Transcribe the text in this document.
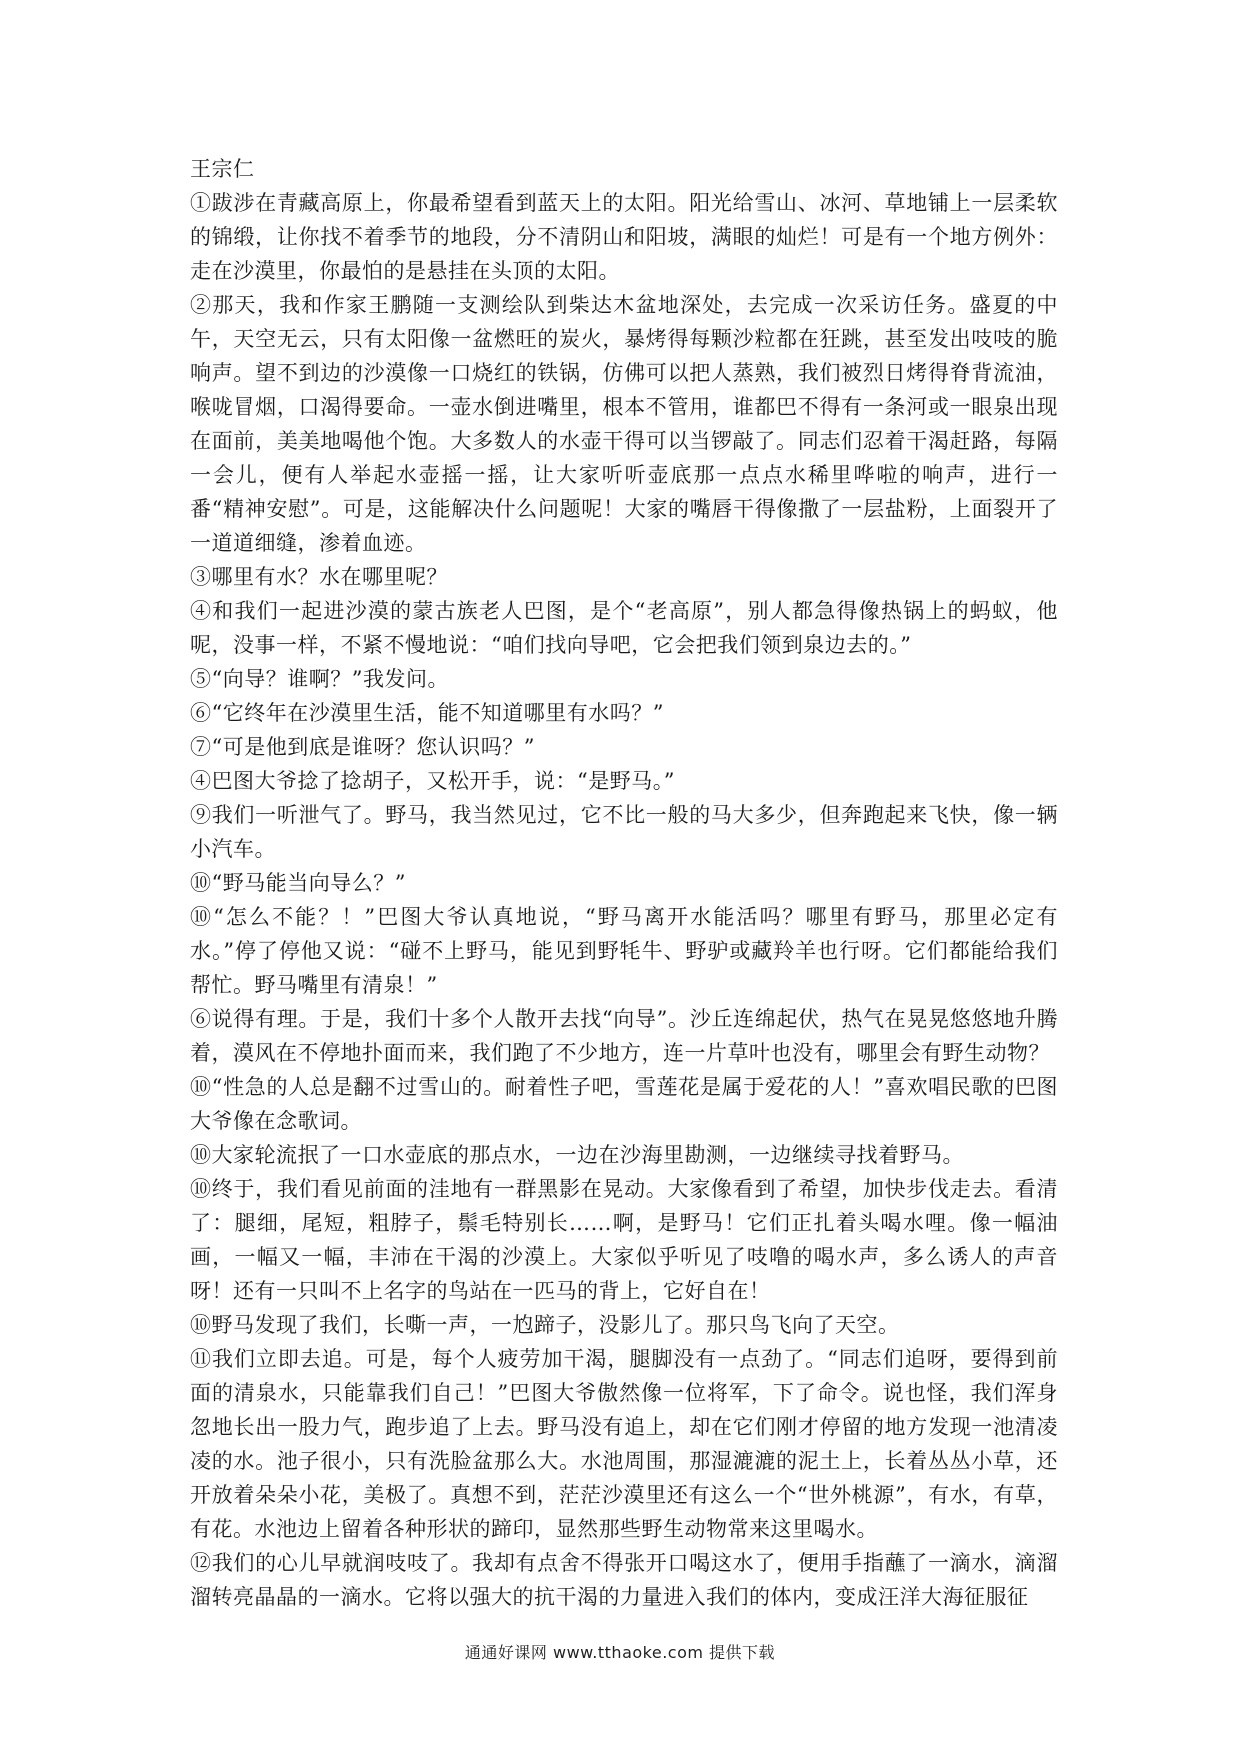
王宗仁

①跋涉在青藏高原上，你最希望看到蓝天上的太阳。阳光给雪山、冰河、草地铺上一层柔软的锦缎，让你找不着季节的地段，分不清阴山和阳坡，满眼的灿烂！可是有一个地方例外：走在沙漠里，你最怕的是悬挂在头顶的太阳。

②那天，我和作家王鹏随一支测绘队到柴达木盆地深处，去完成一次采访任务。盛夏的中午，天空无云，只有太阳像一盆燃旺的炭火，暴烤得每颗沙粒都在狂跳，甚至发出吱吱的脆响声。望不到边的沙漠像一口烧红的铁锅，仿佛可以把人蒸熟，我们被烈日烤得脊背流油，喉咙冒烟，口渴得要命。一壶水倒进嘴里，根本不管用，谁都巴不得有一条河或一眼泉出现在面前，美美地喝他个饱。大多数人的水壶干得可以当锣敲了。同志们忍着干渴赶路，每隔一会儿，便有人举起水壶摇一摇，让大家听听壶底那一点点水稀里哗啦的响声，进行一番“精神安慰”。可是，这能解决什么问题呢！大家的嘴唇干得像撒了一层盐粉，上面裂开了一道道细缝，渗着血迹。

③哪里有水？水在哪里呢？

④和我们一起进沙漠的蒙古族老人巴图，是个“老高原”，别人都急得像热锅上的蚂蚁，他呢，没事一样，不紧不慢地说：“咱们找向导吧，它会把我们领到泉边去的。”

⑤“向导？谁啊？”我发问。

⑥“它终年在沙漠里生活，能不知道哪里有水吗？”

⑦“可是他到底是谁呀？您认识吗？”

④巴图大爷捻了捻胡子，又松开手，说：“是野马。”

⑨我们一听泄气了。野马，我当然见过，它不比一般的马大多少，但奔跑起来飞快，像一辆小汽车。

⑩“野马能当向导么？”

⑩“怎么不能？！”巴图大爷认真地说，“野马离开水能活吗？哪里有野马，那里必定有水。”停了停他又说：“碰不上野马，能见到野牦牛、野驴或藏羚羊也行呀。它们都能给我们帮忙。野马嘴里有清泉！”

⑥说得有理。于是，我们十多个人散开去找“向导”。沙丘连绵起伏，热气在晃晃悠悠地升腾着，漠风在不停地扑面而来，我们跑了不少地方，连一片草叶也没有，哪里会有野生动物？

⑩“性急的人总是翻不过雪山的。耐着性子吧，雪莲花是属于爱花的人！”喜欢唱民歌的巴图大爷像在念歌词。

⑩大家轮流抿了一口水壶底的那点水，一边在沙海里勘测，一边继续寻找着野马。

⑩终于，我们看见前面的洼地有一群黑影在晃动。大家像看到了希望，加快步伐走去。看清了：腿细，尾短，粗脖子，鬃毛特别长……啊，是野马！它们正扎着头喝水哩。像一幅油画，一幅又一幅，丰沛在干渴的沙漠上。大家似乎听见了吱噜的喝水声，多么诱人的声音呀！还有一只叫不上名字的鸟站在一匹马的背上，它好自在！

⑩野马发现了我们，长嘶一声，一尥蹄子，没影儿了。那只鸟飞向了天空。

⑪我们立即去追。可是，每个人疲劳加干渴，腿脚没有一点劲了。“同志们追呀，要得到前面的清泉水，只能靠我们自己！”巴图大爷傲然像一位将军，下了命令。说也怪，我们浑身忽地长出一股力气，跑步追了上去。野马没有追上，却在它们刚才停留的地方发现一池清凌凌的水。池子很小，只有洗脸盆那么大。水池周围，那湿漉漉的泥土上，长着丛丛小草，还开放着朵朵小花，美极了。真想不到，茫茫沙漠里还有这么一个“世外桃源”，有水，有草，有花。水池边上留着各种形状的蹄印，显然那些野生动物常来这里喝水。

⑫我们的心儿早就润吱吱了。我却有点舍不得张开口喝这水了，便用手指蘸了一滴水，滴溜溜转亮晶晶的一滴水。它将以强大的抗干渴的力量进入我们的体内，变成汪洋大海征服征

通通好课网 www.tthaoke.com 提供下载
